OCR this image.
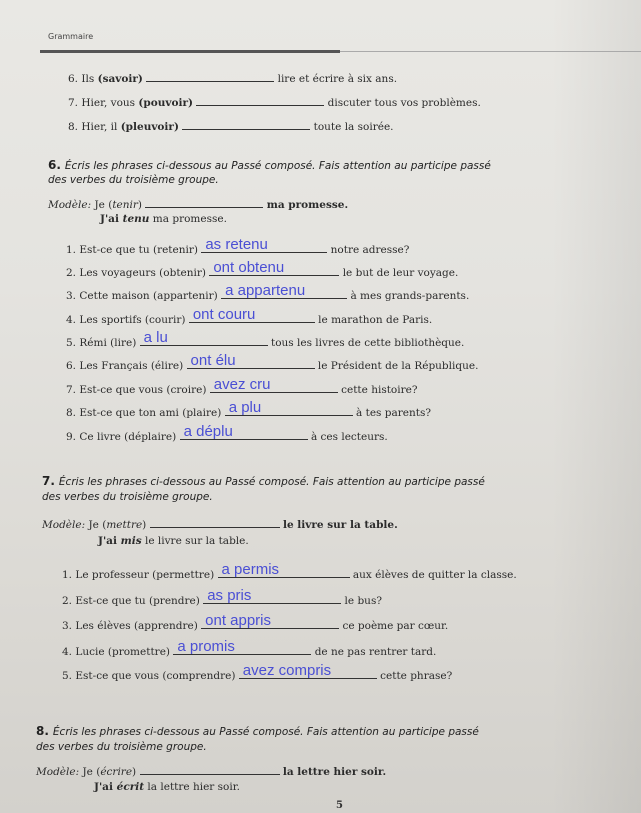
Grammaire
6. Ils (savoir)	lire et écrire à six ans.
7. Hier, vous (pouvoir)	discuter tous vos problèmes.
8. Hier, il (pleuvoir)	toute la soirée.
6. Écris les phrases ci-dessous au Passé composé. Fais attention au participe passé
des verbes du troisième groupe.
Modèle: Je (tenir)	ma promesse.
J'ai tenu ma promesse.
1. Est-ce que tu (retenir) as retenu	notre adresse?
2. Les voyageurs (obtenir) ont obtenu	le but de leur voyage.
3. Cette maison (appartenir) a appartenu	à mes grands-parents.
4. Les sportifs (courir) ont couru	le marathon de Paris.
5. Rémi (lire) a lu	tous les livres de cette bibliothèque.
6. Les Français (élire) ont élu	le Président de la République.
7. Est-ce que vous (croire) avez cru	cette histoire?
8. Est-ce que ton ami (plaire) a plu	à tes parents?
9. Ce livre (déplaire) a déplu	à ces lecteurs.
7. Écris les phrases ci-dessous au Passé composé. Fais attention au participe passé
des verbes du troisième groupe.
Modèle: Je (mettre)	le livre sur la table.
J'ai mis le livre sur la table.
1. Le professeur (permettre) a permis	aux élèves de quitter la classe.
2. Est-ce que tu (prendre) as pris	le bus?
3. Les élèves (apprendre) ont appris	ce poème par cœur.
4. Lucie (promettre) a promis	de ne pas rentrer tard.
5. Est-ce que vous (comprendre) avez compris	cette phrase?
8. Écris les phrases ci-dessous au Passé composé. Fais attention au participe passé
des verbes du troisième groupe.
Modèle: Je (écrire)	la lettre hier soir.
J'ai écrit la lettre hier soir.
5
